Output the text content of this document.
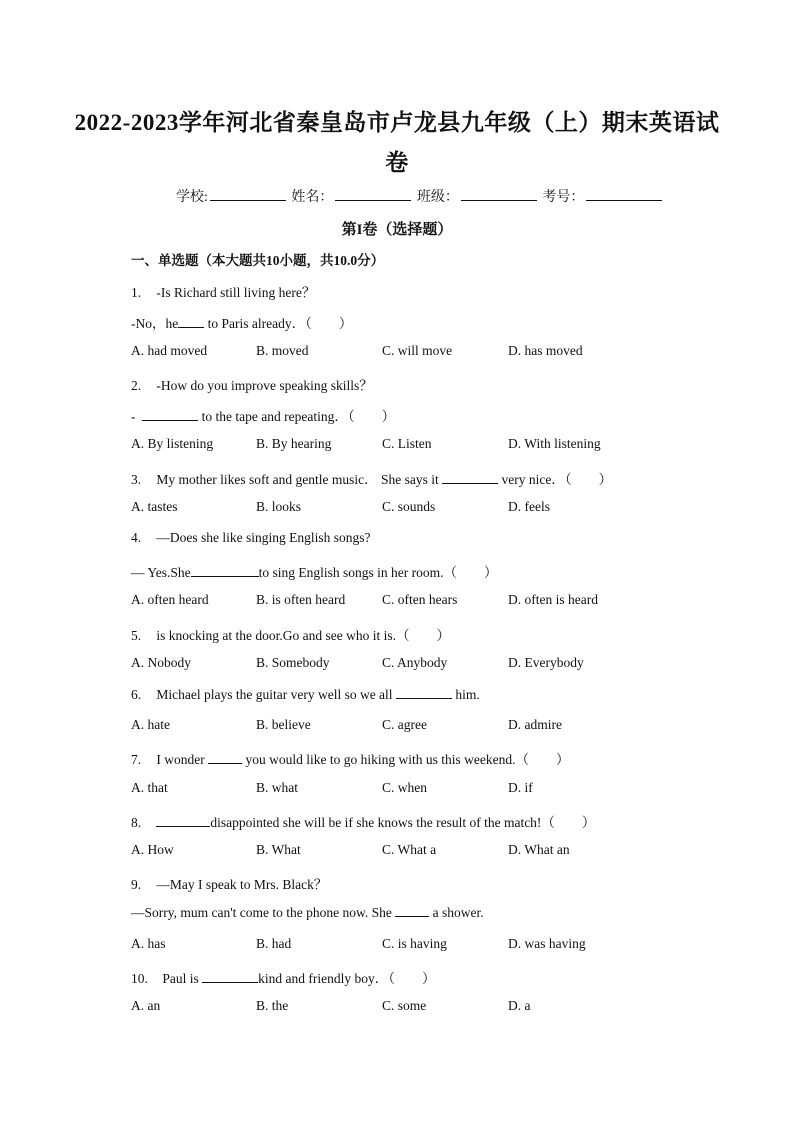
2022-2023学年河北省秦皇岛市卢龙县九年级（上）期末英语试
卷
学校:	姓名：	班级：	考号：
第I卷（选择题）
一、单选题（本大题共10小题，共10.0分）
1. -Is Richard still living here？
-No，he to Paris already．（　　）
A. had moved	B. moved	C. will move	D. has moved
2. -How do you improve speaking skills？
-	to the tape and repeating．（　　）
A. By listening	B. By hearing	C. Listen	D. With listening
3. My mother likes soft and gentle music． She says it	very nice．（　　）
A. tastes	B. looks	C. sounds	D. feels
4. —Does she like singing English songs?
— Yes.She	to sing English songs in her room.（　　）
A. often heard	B. is often heard	C. often hears	D. often is heard
5. is knocking at the door.Go and see who it is.（　　）
A. Nobody	B. Somebody	C. Anybody	D. Everybody
6. Michael plays the guitar very well so we all	him.
A. hate	B. believe	C. agree	D. admire
7. I wonder	you would like to go hiking with us this weekend.（　　）
A. that	B. what	C. when	D. if
8.	disappointed she will be if she knows the result of the match!（　　）
A. How	B. What	C. What a	D. What an
9. —May I speak to Mrs. Black？
—Sorry, mum can't come to the phone now. She	a shower.
A. has	B. had	C. is having	D. was having
10. Paul is	kind and friendly boy．（　　）
A. an	B. the	C. some	D. a
